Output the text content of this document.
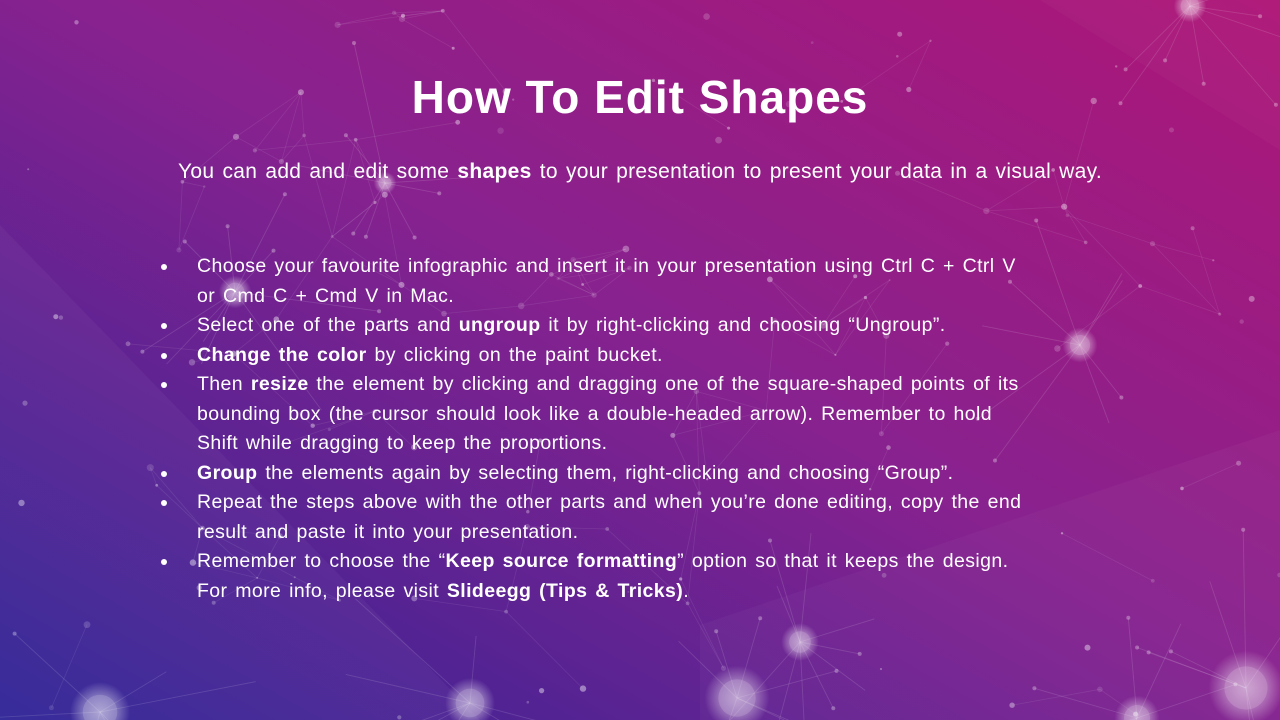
How To Edit Shapes

You can add and edit some shapes to your presentation to present your data in a visual way.

Choose your favourite infographic and insert it in your presentation using Ctrl C + Ctrl V
or Cmd C + Cmd V in Mac.
Select one of the parts and ungroup it by right-clicking and choosing “Ungroup”.
Change the color by clicking on the paint bucket.
Then resize the element by clicking and dragging one of the square-shaped points of its
bounding box (the cursor should look like a double-headed arrow). Remember to hold
Shift while dragging to keep the proportions.
Group the elements again by selecting them, right-clicking and choosing “Group”.
Repeat the steps above with the other parts and when you’re done editing, copy the end
result and paste it into your presentation.
Remember to choose the “Keep source formatting” option so that it keeps the design.
For more info, please visit Slideegg (Tips & Tricks).
